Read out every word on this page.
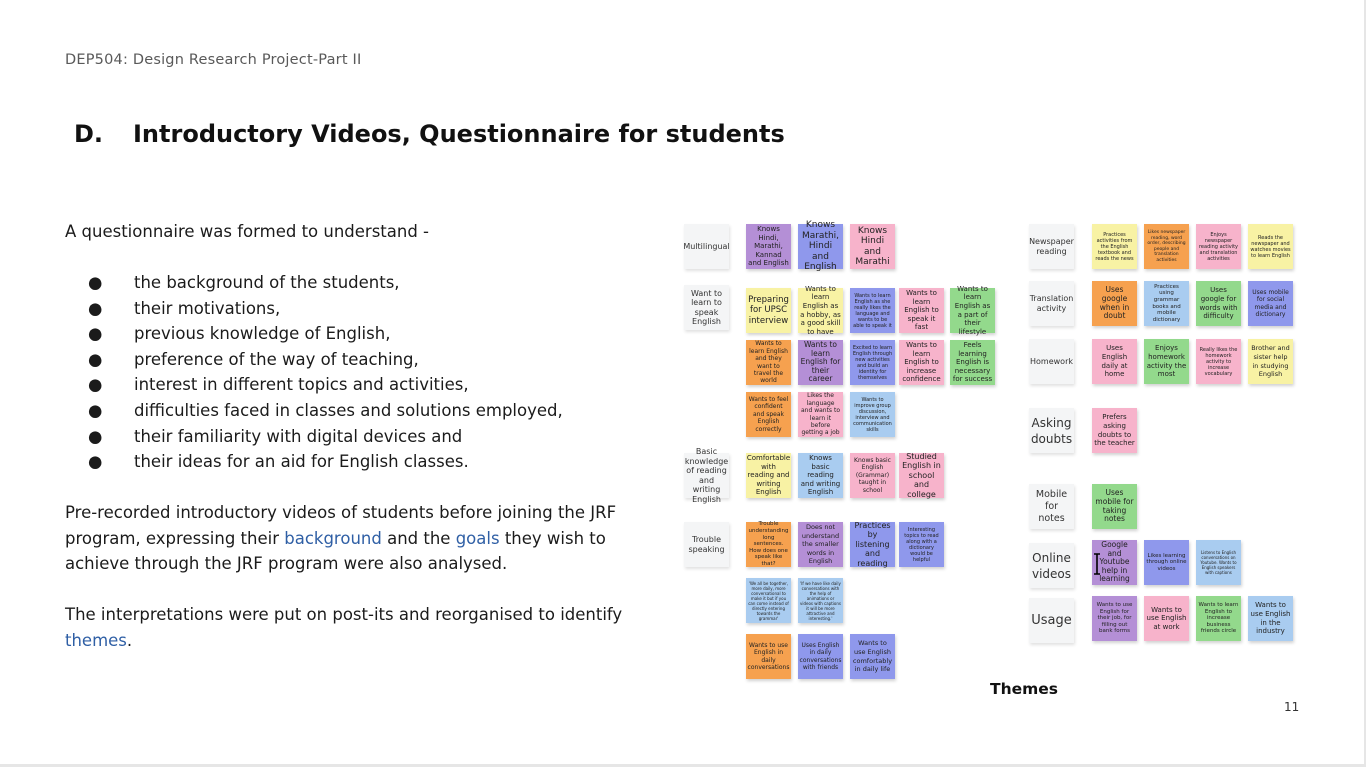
DEP504: Design Research Project-Part II
D. Introductory Videos, Questionnaire for students
A questionnaire was formed to understand -
● the background of the students,
● their motivations,
● previous knowledge of English,
● preference of the way of teaching,
● interest in different topics and activities,
● difficulties faced in classes and solutions employed,
● their familiarity with digital devices and
● their ideas for an aid for English classes.
Pre-recorded introductory videos of students before joining the JRF program, expressing their background and the goals they wish to achieve through the JRF program were also analysed.
The interpretations were put on post-its and reorganised to identify themes.
Multilingual
Want to learn to speak English
Basic knowledge of reading and writing English
Trouble speaking
Newspaper reading
Translation activity
Homework
Asking doubts
Mobile for notes
Online videos
Usage
Knows Hindi, Marathi, Kannad and English
Knows Marathi, Hindi and English
Knows Hindi and Marathi
Preparing for UPSC interview
Wants to learn English as a hobby, as a good skill to have
Wants to learn English as she really likes the language and wants to be able to speak it
Wants to learn English to speak it fast
Wants to learn English as a part of their lifestyle
Wants to learn English and they want to travel the world
Wants to learn English for their career
Excited to learn English through new activities and build an identity for themselves
Wants to learn English to increase confidence
Feels learning English is necessary for success
Wants to feel confident and speak English correctly
Likes the language and wants to learn it before getting a job
Wants to improve group discussion, interview and communication skills
Comfortable with reading and writing English
Knows basic reading and writing English
Knows basic English (Grammar) taught in school
Studied English in school and college
Trouble understanding long sentences. How does one speak like that?
Does not understand the smaller words in English
Practices by listening and reading
Interesting topics to read along with a dictionary would be helpful
'We all be together, more daily, more conversational to make it but if you can come instead of directly entering towards the grammar'
'If we have like daily conversations with the help of animations or videos with captions it will be more attractive and interesting.'
Wants to use English in daily conversations
Uses English in daily conversations with friends
Wants to use English comfortably in daily life
Practices activities from the English textbook and reads the news
Likes newspaper reading, word order, describing people and translation activities
Enjoys newspaper reading activity and translation activities
Reads the newspaper and watches movies to learn English
Uses google when in doubt
Practices using grammar books and mobile dictionary
Uses google for words with difficulty
Uses mobile for social media and dictionary
Uses English daily at home
Enjoys homework activity the most
Really likes the homework activity to increase vocabulary
Brother and sister help in studying English
Prefers asking doubts to the teacher
Uses mobile for taking notes
Google and Youtube help in learning
Likes learning through online videos
Listens to English conversations on Youtube. Wants to English speakers with captions
Wants to use English for their job, for filling out bank forms
Wants to use English at work
Wants to learn English to increase business friends circle
Wants to use English in the industry
Themes
11
